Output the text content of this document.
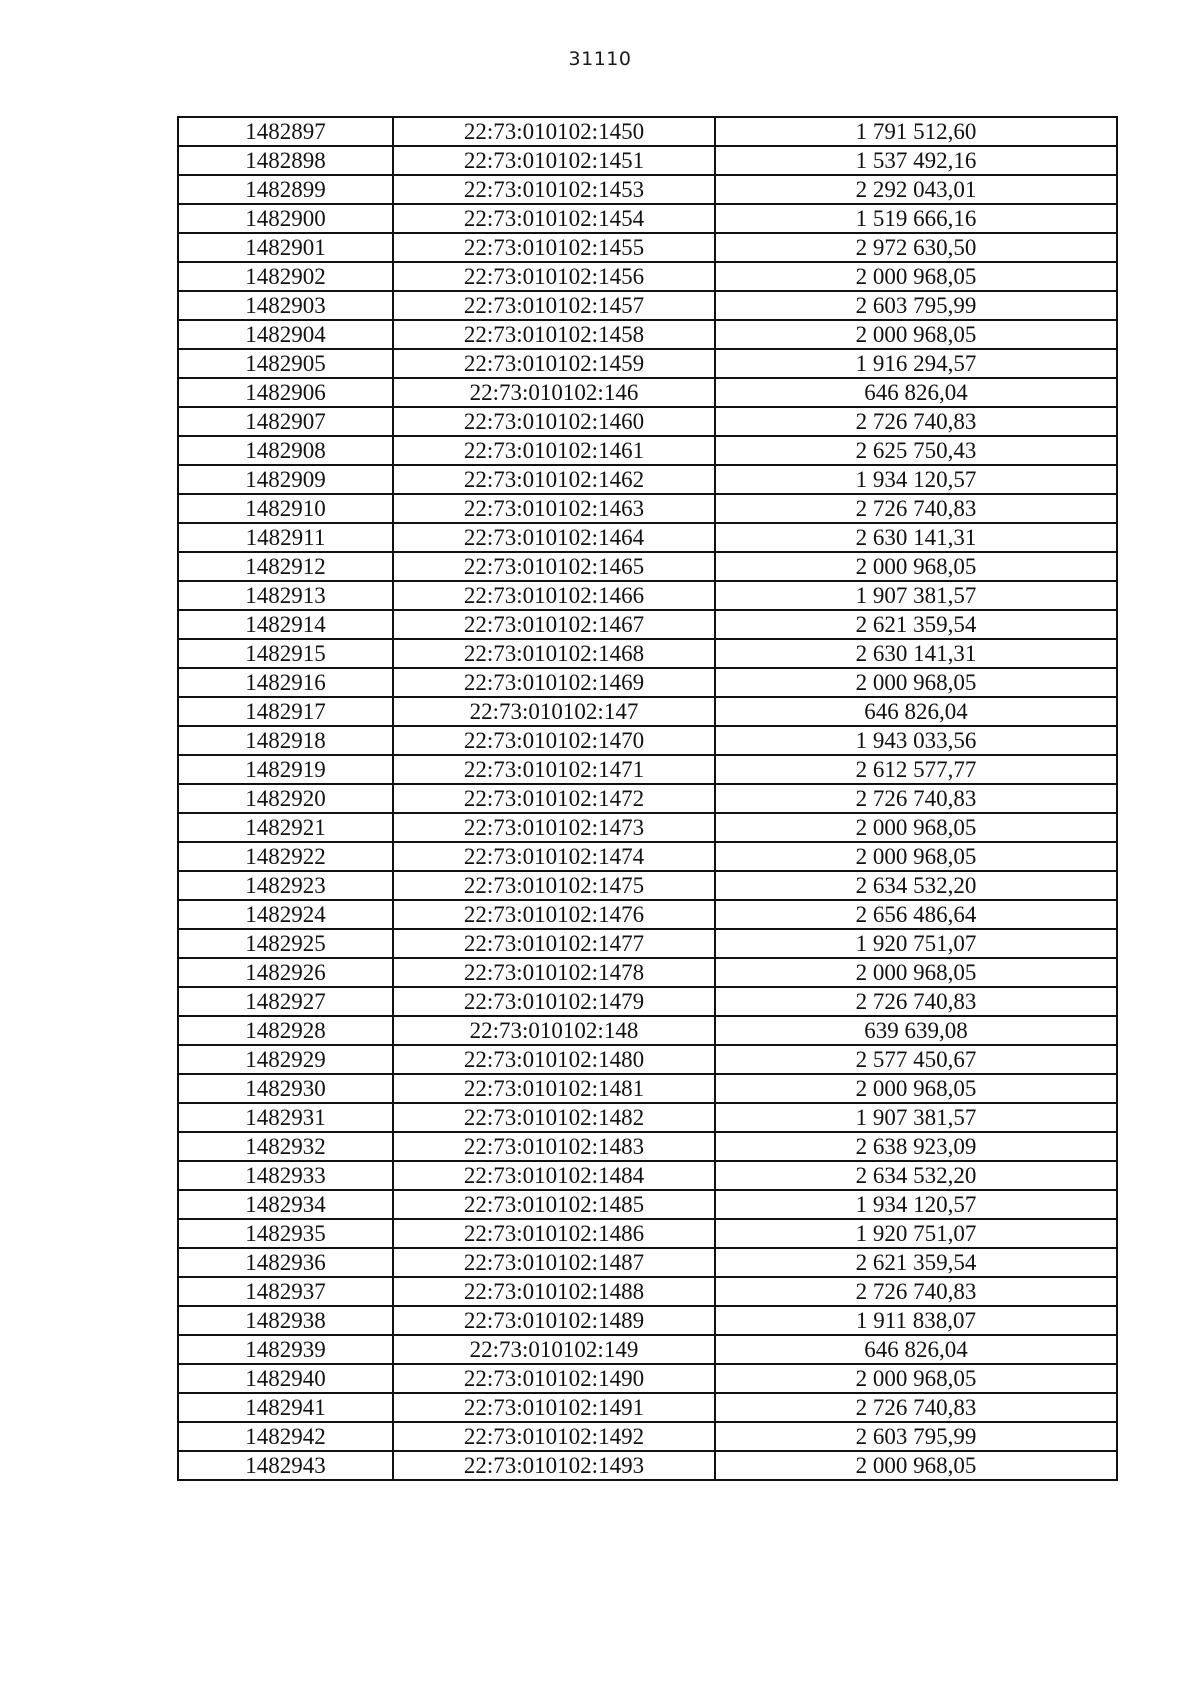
31110
1482897	22:73:010102:1450	1 791 512,60
1482898	22:73:010102:1451	1 537 492,16
1482899	22:73:010102:1453	2 292 043,01
1482900	22:73:010102:1454	1 519 666,16
1482901	22:73:010102:1455	2 972 630,50
1482902	22:73:010102:1456	2 000 968,05
1482903	22:73:010102:1457	2 603 795,99
1482904	22:73:010102:1458	2 000 968,05
1482905	22:73:010102:1459	1 916 294,57
1482906	22:73:010102:146	646 826,04
1482907	22:73:010102:1460	2 726 740,83
1482908	22:73:010102:1461	2 625 750,43
1482909	22:73:010102:1462	1 934 120,57
1482910	22:73:010102:1463	2 726 740,83
1482911	22:73:010102:1464	2 630 141,31
1482912	22:73:010102:1465	2 000 968,05
1482913	22:73:010102:1466	1 907 381,57
1482914	22:73:010102:1467	2 621 359,54
1482915	22:73:010102:1468	2 630 141,31
1482916	22:73:010102:1469	2 000 968,05
1482917	22:73:010102:147	646 826,04
1482918	22:73:010102:1470	1 943 033,56
1482919	22:73:010102:1471	2 612 577,77
1482920	22:73:010102:1472	2 726 740,83
1482921	22:73:010102:1473	2 000 968,05
1482922	22:73:010102:1474	2 000 968,05
1482923	22:73:010102:1475	2 634 532,20
1482924	22:73:010102:1476	2 656 486,64
1482925	22:73:010102:1477	1 920 751,07
1482926	22:73:010102:1478	2 000 968,05
1482927	22:73:010102:1479	2 726 740,83
1482928	22:73:010102:148	639 639,08
1482929	22:73:010102:1480	2 577 450,67
1482930	22:73:010102:1481	2 000 968,05
1482931	22:73:010102:1482	1 907 381,57
1482932	22:73:010102:1483	2 638 923,09
1482933	22:73:010102:1484	2 634 532,20
1482934	22:73:010102:1485	1 934 120,57
1482935	22:73:010102:1486	1 920 751,07
1482936	22:73:010102:1487	2 621 359,54
1482937	22:73:010102:1488	2 726 740,83
1482938	22:73:010102:1489	1 911 838,07
1482939	22:73:010102:149	646 826,04
1482940	22:73:010102:1490	2 000 968,05
1482941	22:73:010102:1491	2 726 740,83
1482942	22:73:010102:1492	2 603 795,99
1482943	22:73:010102:1493	2 000 968,05
